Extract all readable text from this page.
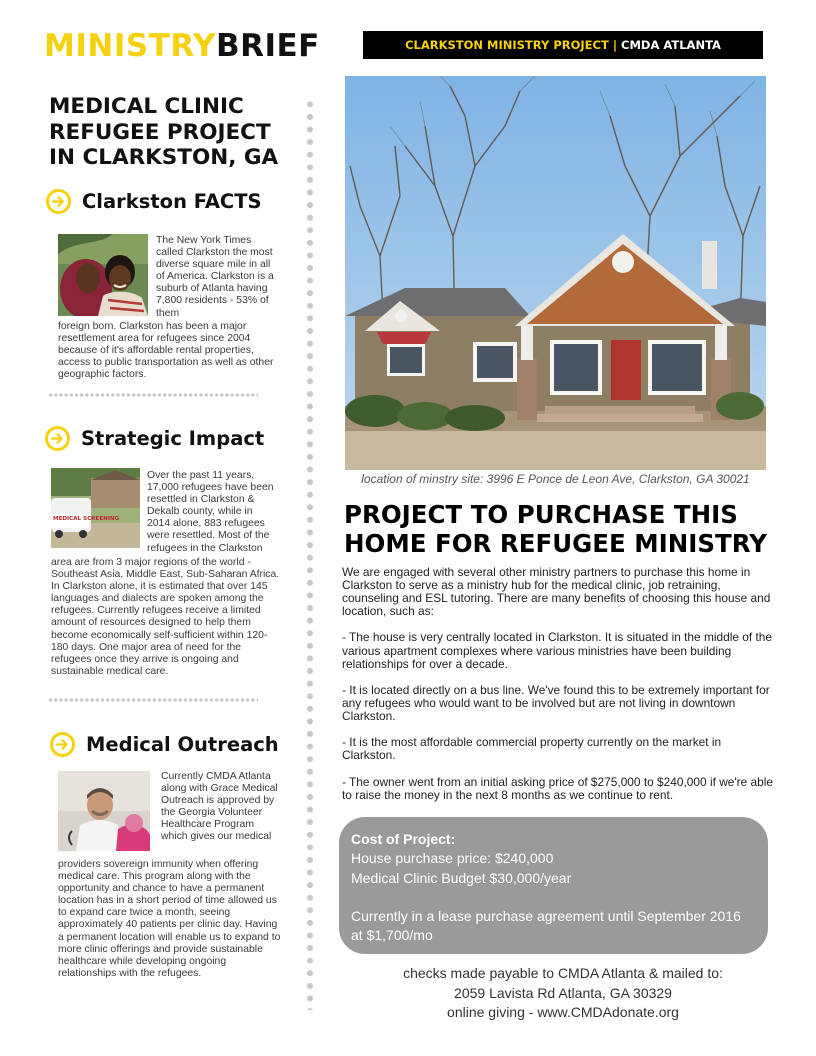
MINISTRYBRIEF	CLARKSTON MINISTRY PROJECT | CMDA ATLANTA
MEDICAL CLINIC REFUGEE PROJECT IN CLARKSTON, GA
Clarkston FACTS
The New York Times called Clarkston the most diverse square mile in all of America. Clarkston is a suburb of Atlanta having 7,800 residents - 53% of them
foreign born. Clarkston has been a major resettlement area for refugees since 2004 because of it's affordable rental properties, access to public transportation as well as other geographic factors.
Strategic Impact
MEDICAL SCREENING
Over the past 11 years, 17,000 refugees have been resettled in Clarkston & Dekalb county, while in 2014 alone, 883 refugees were resettled. Most of the refugees in the Clarkston
area are from 3 major regions of the world - Southeast Asia, Middle East, Sub-Saharan Africa. In Clarkston alone, it is estimated that over 145 languages and dialects are spoken among the refugees. Currently refugees receive a limited amount of resources designed to help them become economically self-sufficient within 120-180 days. One major area of need for the refugees once they arrive is ongoing and sustainable medical care.
Medical Outreach
Currently CMDA Atlanta along with Grace Medical Outreach is approved by the Georgia Volunteer Healthcare Program which gives our medical
providers sovereign immunity when offering medical care. This program along with the opportunity and chance to have a permanent location has in a short period of time allowed us to expand care twice a month, seeing approximately 40 patients per clinic day. Having a permanent location will enable us to expand to more clinic offerings and provide sustainable healthcare while developing ongoing relationships with the refugees.
location of minstry site: 3996 E Ponce de Leon Ave, Clarkston, GA 30021
PROJECT TO PURCHASE THIS HOME FOR REFUGEE MINISTRY

We are engaged with several other ministry partners to purchase this home in Clarkston to serve as a ministry hub for the medical clinic, job retraining, counseling and ESL tutoring. There are many benefits of choosing this house and location, such as:

- The house is very centrally located in Clarkston. It is situated in the middle of the various apartment complexes where various ministries have been building relationships for over a decade.

- It is located directly on a bus line. We've found this to be extremely important for any refugees who would want to be involved but are not living in downtown Clarkston.

- It is the most affordable commercial property currently on the market in Clarkston.

- The owner went from an initial asking price of $275,000 to $240,000 if we're able to raise the money in the next 8 months as we continue to rent.

Cost of Project:
House purchase price: $240,000
Medical Clinic Budget $30,000/year
Currently in a lease purchase agreement until September 2016 at $1,700/mo
checks made payable to CMDA Atlanta & mailed to:
2059 Lavista Rd Atlanta, GA 30329
online giving - www.CMDAdonate.org
